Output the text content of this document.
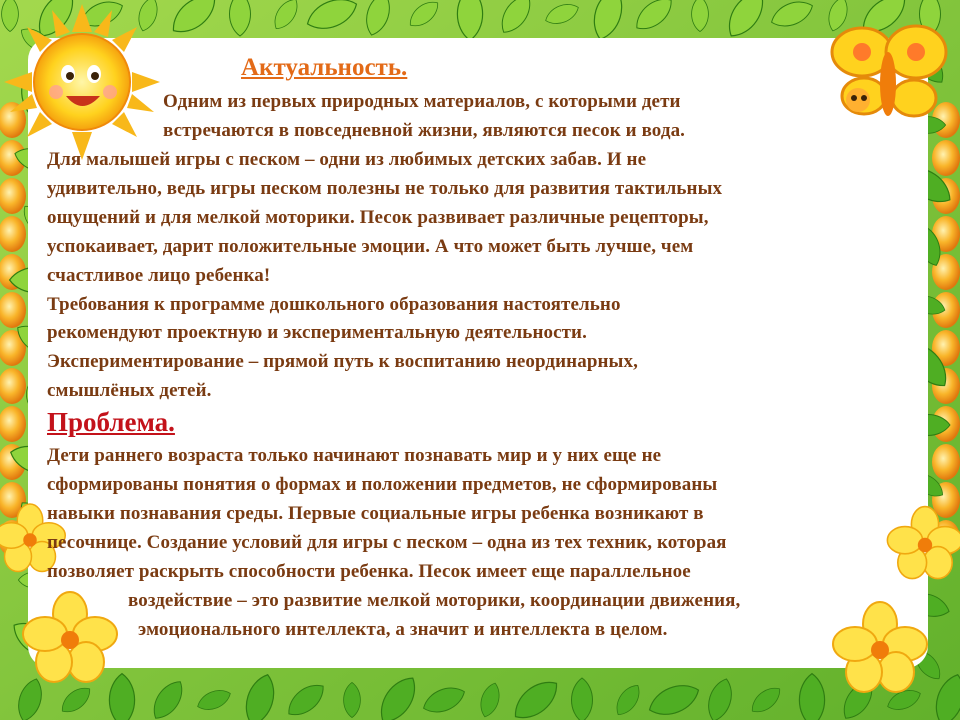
Актуальность.

Одним из первых природных материалов, с которыми дети

встречаются в повседневной жизни, являются песок и вода.

Для малышей игры с песком – одни из любимых детских забав. И не

удивительно, ведь игры песком полезны не только для развития тактильных

ощущений и для мелкой моторики. Песок развивает различные рецепторы,

успокаивает, дарит положительные эмоции. А что может быть лучше, чем

счастливое лицо ребенка!

Требования к программе дошкольного образования настоятельно

рекомендуют проектную и экспериментальную деятельности.

Экспериментирование – прямой путь к воспитанию неординарных,

смышлёных детей.

Проблема.

Дети раннего возраста только начинают познавать мир и у них еще не

сформированы понятия о формах и положении предметов, не сформированы

навыки познавания среды. Первые социальные игры ребенка возникают в

песочнице. Создание условий для игры с песком – одна из тех техник, которая

позволяет раскрыть способности ребенка. Песок имеет еще параллельное

воздействие – это развитие мелкой моторики, координации движения,

эмоционального интеллекта, а значит и интеллекта в целом.
